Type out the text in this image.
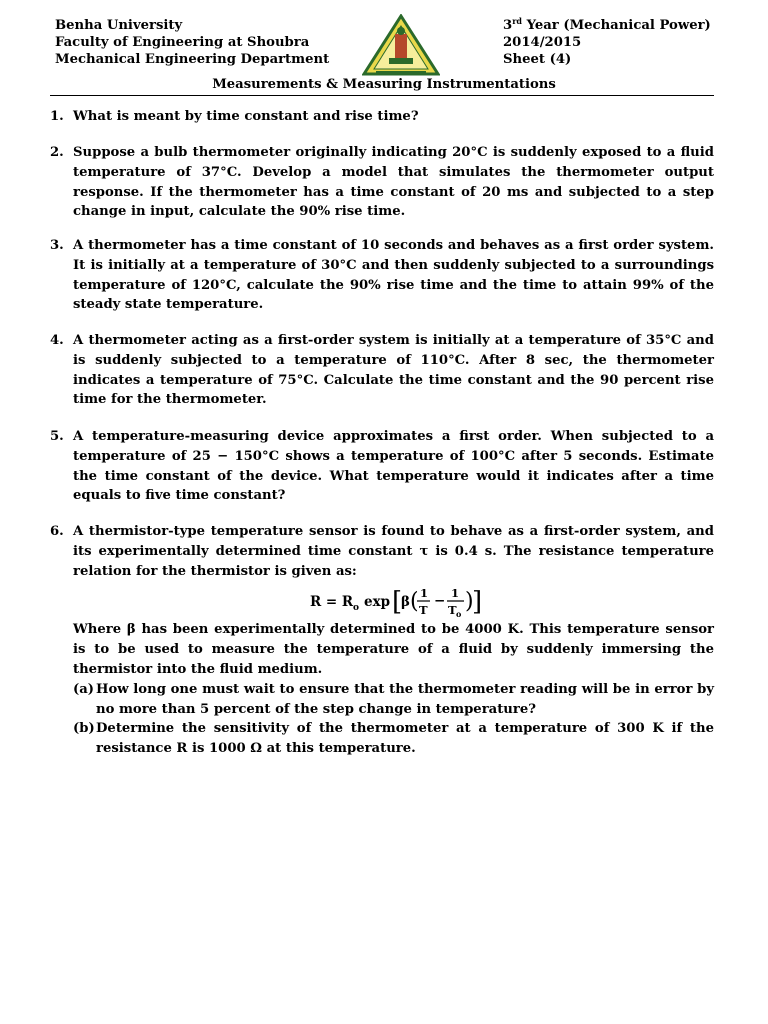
Benha University
Faculty of Engineering at Shoubra
Mechanical Engineering Department
3rd Year (Mechanical Power)
2014/2015
Sheet (4)
Measurements & Measuring Instrumentations
1. What is meant by time constant and rise time?
2. Suppose a bulb thermometer originally indicating 20°C is suddenly exposed to a fluid temperature of 37°C. Develop a model that simulates the thermometer output response. If the thermometer has a time constant of 20 ms and subjected to a step change in input, calculate the 90% rise time.
3. A thermometer has a time constant of 10 seconds and behaves as a first order system. It is initially at a temperature of 30°C and then suddenly subjected to a surroundings temperature of 120°C, calculate the 90% rise time and the time to attain 99% of the steady state temperature.
4. A thermometer acting as a first-order system is initially at a temperature of 35°C and is suddenly subjected to a temperature of 110°C. After 8 sec, the thermometer indicates a temperature of 75°C. Calculate the time constant and the 90 percent rise time for the thermometer.
5. A temperature-measuring device approximates a first order. When subjected to a temperature of 25 − 150°C shows a temperature of 100°C after 5 seconds. Estimate the time constant of the device. What temperature would it indicates after a time equals to five time constant?
6. A thermistor-type temperature sensor is found to behave as a first-order system, and its experimentally determined time constant τ is 0.4 s. The resistance temperature relation for the thermistor is given as:
R = R o exp [
β ( 1
T
− 1
T o )
]
Where β has been experimentally determined to be 4000 K. This temperature sensor is to be used to measure the temperature of a fluid by suddenly immersing the thermistor into the fluid medium.
(a) How long one must wait to ensure that the thermometer reading will be in error by no more than 5 percent of the step change in temperature?
(b) Determine the sensitivity of the thermometer at a temperature of 300 K if the resistance R is 1000 Ω at this temperature.
